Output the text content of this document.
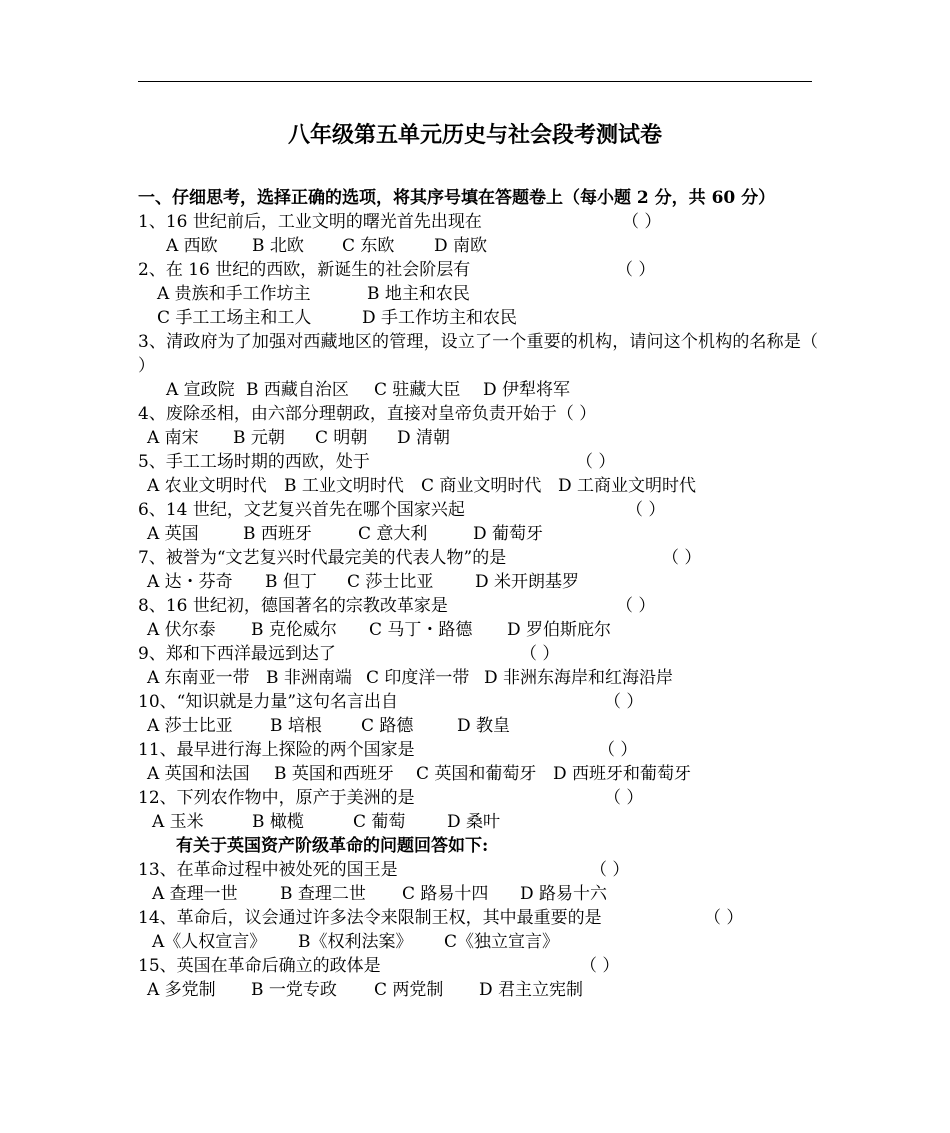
八年级第五单元历史与社会段考测试卷
一、仔细思考，选择正确的选项，将其序号填在答题卷上（每小题 2 分，共 60 分）
1、16 世纪前后，工业文明的曙光首先出现在	（ ）
A 西欧 B 北欧 C 东欧 D 南欧
2、在 16 世纪的西欧，新诞生的社会阶层有	（ ）
A 贵族和手工作坊主	B 地主和农民
C 手工工场主和工人	D 手工作坊主和农民
3、清政府为了加强对西藏地区的管理，设立了一个重要的机构，请问这个机构的名称是（ ）
A 宣政院 B 西藏自治区 C 驻藏大臣 D 伊犁将军
4、废除丞相，由六部分理朝政，直接对皇帝负责开始于（ ）
A 南宋 B 元朝 C 明朝 D 清朝
5、手工工场时期的西欧，处于	（ ）
A 农业文明时代 B 工业文明时代 C 商业文明时代 D 工商业文明时代
6、14 世纪，文艺复兴首先在哪个国家兴起	（ ）
A 英国	B 西班牙	C 意大利	D 葡萄牙
7、被誉为“文艺复兴时代最完美的代表人物”的是	（ ）
A 达・芬奇 B 但丁 C 莎士比亚 D 米开朗基罗
8、16 世纪初，德国著名的宗教改革家是	（ ）
A 伏尔泰 B 克伦威尔 C 马丁・路德 D 罗伯斯庇尔
9、郑和下西洋最远到达了	（ ）
A 东南亚一带 B 非洲南端 C 印度洋一带 D 非洲东海岸和红海沿岸
10、“知识就是力量”这句名言出自	（ ）
A 莎士比亚 B 培根 C 路德	D 教皇
11、最早进行海上探险的两个国家是	（ ）
A 英国和法国 B 英国和西班牙 C 英国和葡萄牙 D 西班牙和葡萄牙
12、下列农作物中，原产于美洲的是	（ ）
A 玉米	B 橄榄	C 葡萄 D 桑叶
有关于英国资产阶级革命的问题回答如下:
13、在革命过程中被处死的国王是	（ ）
A 查理一世 B 查理二世 C 路易十四 D 路易十六
14、革命后，议会通过许多法令来限制王权，其中最重要的是	（ ）
A《人权宣言》 B《权利法案》 C《独立宣言》
15、英国在革命后确立的政体是	（ ）
A 多党制 B 一党专政 C 两党制 D 君主立宪制
